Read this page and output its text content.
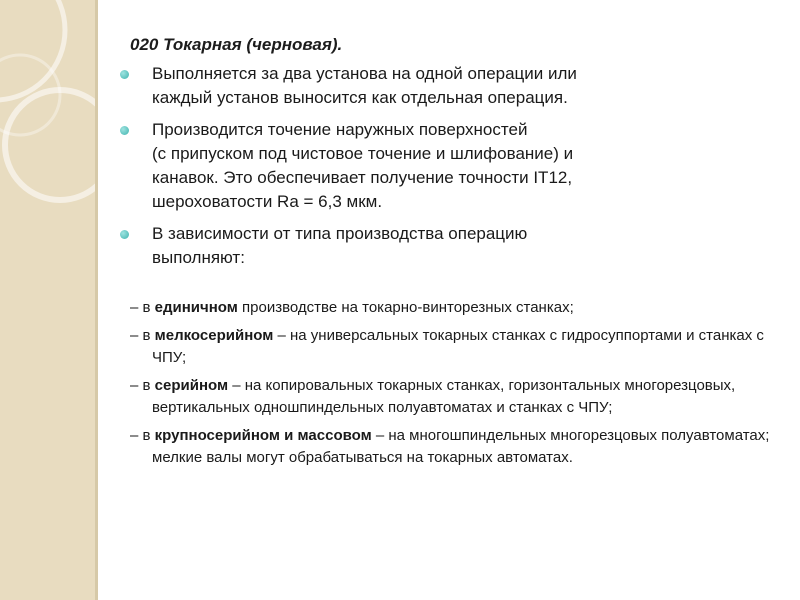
020 Токарная (черновая).
Выполняется за два установа на одной операции или
каждый установ выносится как отдельная операция.
Производится точение наружных поверхностей
(с припуском под чистовое точение и шлифование) и
канавок. Это обеспечивает получение точности IT12,
шероховатости Ra = 6,3 мкм.
В зависимости от типа производства операцию
выполняют:
– в единичном производстве на токарно-винторезных станках;
– в мелкосерийном – на универсальных токарных станках с гидросуппортами и станках с ЧПУ;
– в серийном – на копировальных токарных станках, горизонтальных многорезцовых, вертикальных одношпиндельных полуавтоматах и станках с ЧПУ;
– в крупносерийном и массовом – на многошпиндельных многорезцовых полуавтоматах;
мелкие валы могут обрабатываться на токарных автоматах.
